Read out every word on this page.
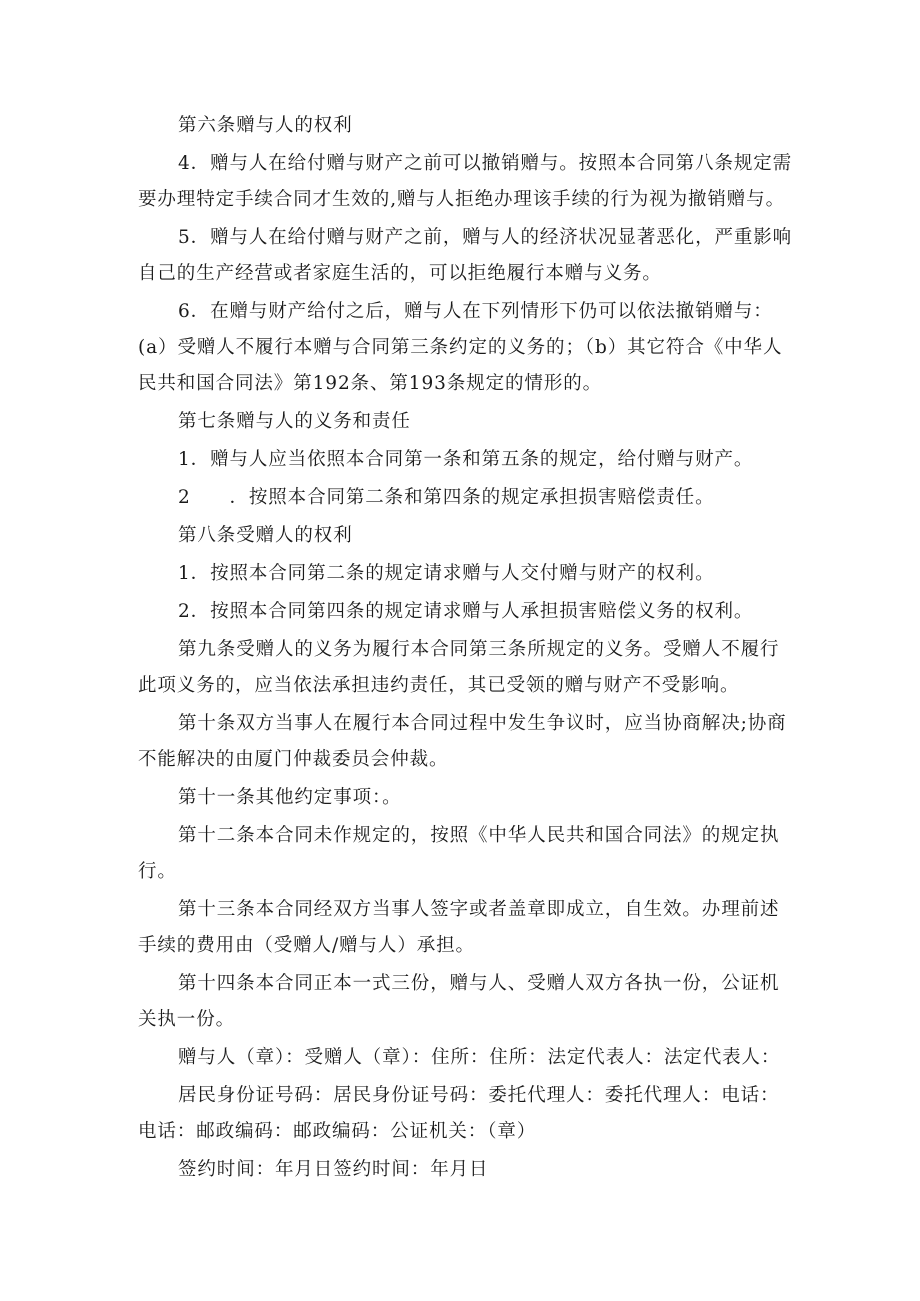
第六条赠与人的权利

4．赠与人在给付赠与财产之前可以撤销赠与。按照本合同第八条规定需要办理特定手续合同才生效的,赠与人拒绝办理该手续的行为视为撤销赠与。

5．赠与人在给付赠与财产之前，赠与人的经济状况显著恶化，严重影响自己的生产经营或者家庭生活的，可以拒绝履行本赠与义务。

6．在赠与财产给付之后，赠与人在下列情形下仍可以依法撤销赠与：(a）受赠人不履行本赠与合同第三条约定的义务的；（b）其它符合《中华人民共和国合同法》第192条、第193条规定的情形的。

第七条赠与人的义务和责任

1．赠与人应当依照本合同第一条和第五条的规定，给付赠与财产。

2　　．按照本合同第二条和第四条的规定承担损害赔偿责任。

第八条受赠人的权利

1．按照本合同第二条的规定请求赠与人交付赠与财产的权利。

2．按照本合同第四条的规定请求赠与人承担损害赔偿义务的权利。

第九条受赠人的义务为履行本合同第三条所规定的义务。受赠人不履行此项义务的，应当依法承担违约责任，其已受领的赠与财产不受影响。

第十条双方当事人在履行本合同过程中发生争议时，应当协商解决;协商不能解决的由厦门仲裁委员会仲裁。

第十一条其他约定事项：。

第十二条本合同未作规定的，按照《中华人民共和国合同法》的规定执行。

第十三条本合同经双方当事人签字或者盖章即成立，自生效。办理前述手续的费用由（受赠人/赠与人）承担。

第十四条本合同正本一式三份，赠与人、受赠人双方各执一份，公证机关执一份。

赠与人（章）：受赠人（章）：住所：住所：法定代表人：法定代表人：

居民身份证号码：居民身份证号码：委托代理人：委托代理人：电话：电话：邮政编码：邮政编码：公证机关：（章）

签约时间：年月日签约时间：年月日
